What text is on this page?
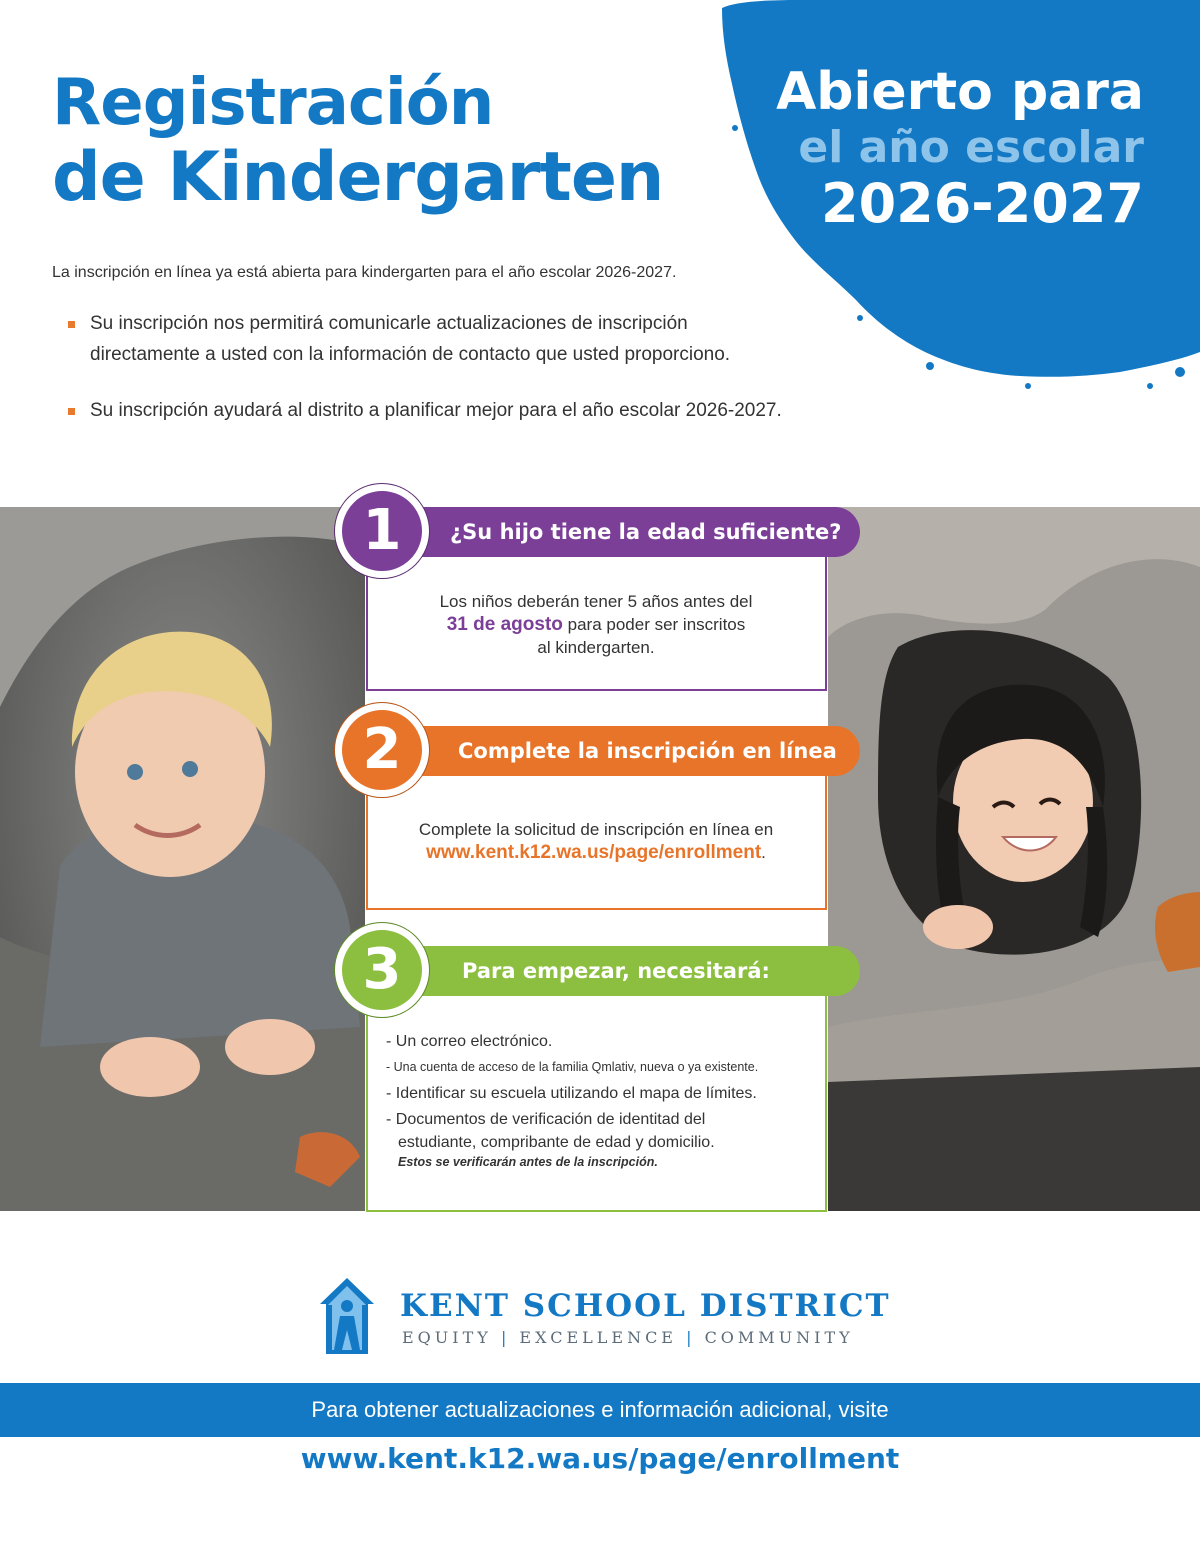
Registración
de Kindergarten
Abierto para
el año escolar
2026-2027
La inscripción en línea ya está abierta para kindergarten para el año escolar 2026-2027.
Su inscripción nos permitirá comunicarle actualizaciones de inscripción
directamente a usted con la información de contacto que usted proporciono.
Su inscripción ayudará al distrito a planificar mejor para el año escolar 2026-2027.
¿Su hijo tiene la edad suficiente?
1
Los niños deberán tener 5 años antes del
31 de agosto para poder ser inscritos
al kindergarten.
Complete la inscripción en línea
2
Complete la solicitud de inscripción en línea en
www.kent.k12.wa.us/page/enrollment.
Para empezar, necesitará:
3
- Un correo electrónico.
- Una cuenta de acceso de la familia Qmlativ, nueva o ya existente.
- Identificar su escuela utilizando el mapa de límites.
- Documentos de verificación de identitad del
estudiante, compribante de edad y domicilio.
Estos se verificarán antes de la inscripción.
KENT SCHOOL DISTRICT
EQUITY | EXCELLENCE | COMMUNITY
Para obtener actualizaciones e información adicional, visite
www.kent.k12.wa.us/page/enrollment
